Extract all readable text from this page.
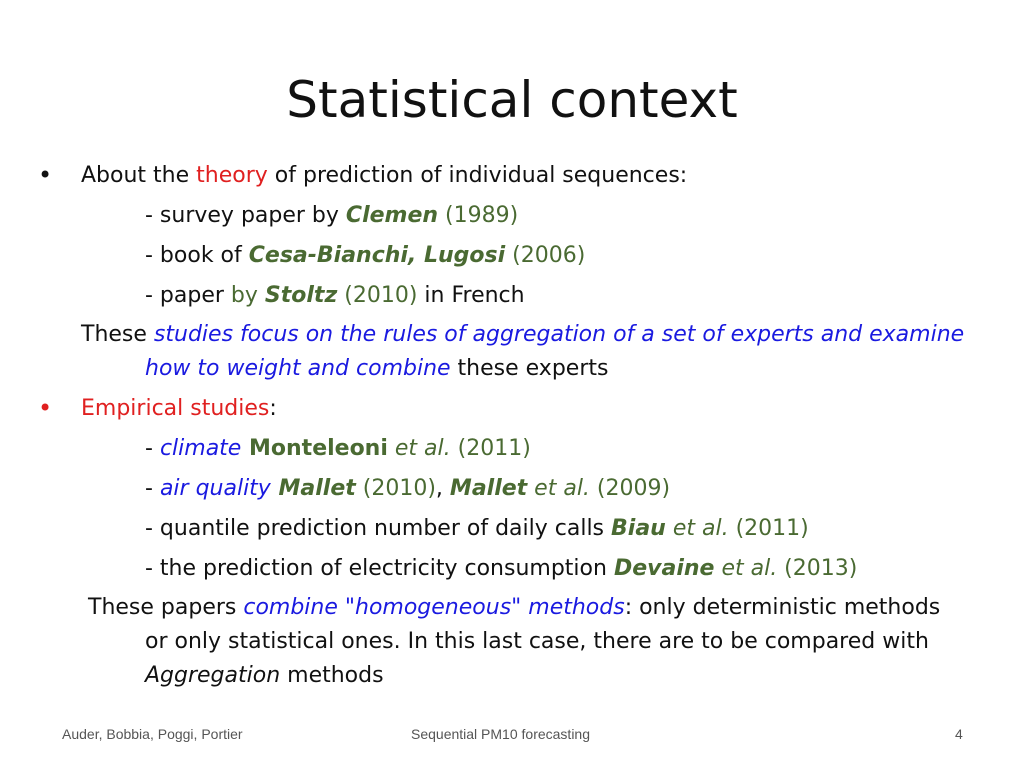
Statistical context
• About the theory of prediction of individual sequences:
- survey paper by Clemen (1989)
- book of Cesa-Bianchi, Lugosi (2006)
- paper by Stoltz (2010) in French
These studies focus on the rules of aggregation of a set of experts and examine
how to weight and combine these experts
• Empirical studies:
- climate Monteleoni et al. (2011)
- air quality Mallet (2010), Mallet et al. (2009)
- quantile prediction number of daily calls Biau et al. (2011)
- the prediction of electricity consumption Devaine et al. (2013)
These papers combine "homogeneous" methods: only deterministic methods
or only statistical ones. In this last case, there are to be compared with
Aggregation methods
Auder, Bobbia, Poggi, Portier	Sequential PM10 forecasting	4
